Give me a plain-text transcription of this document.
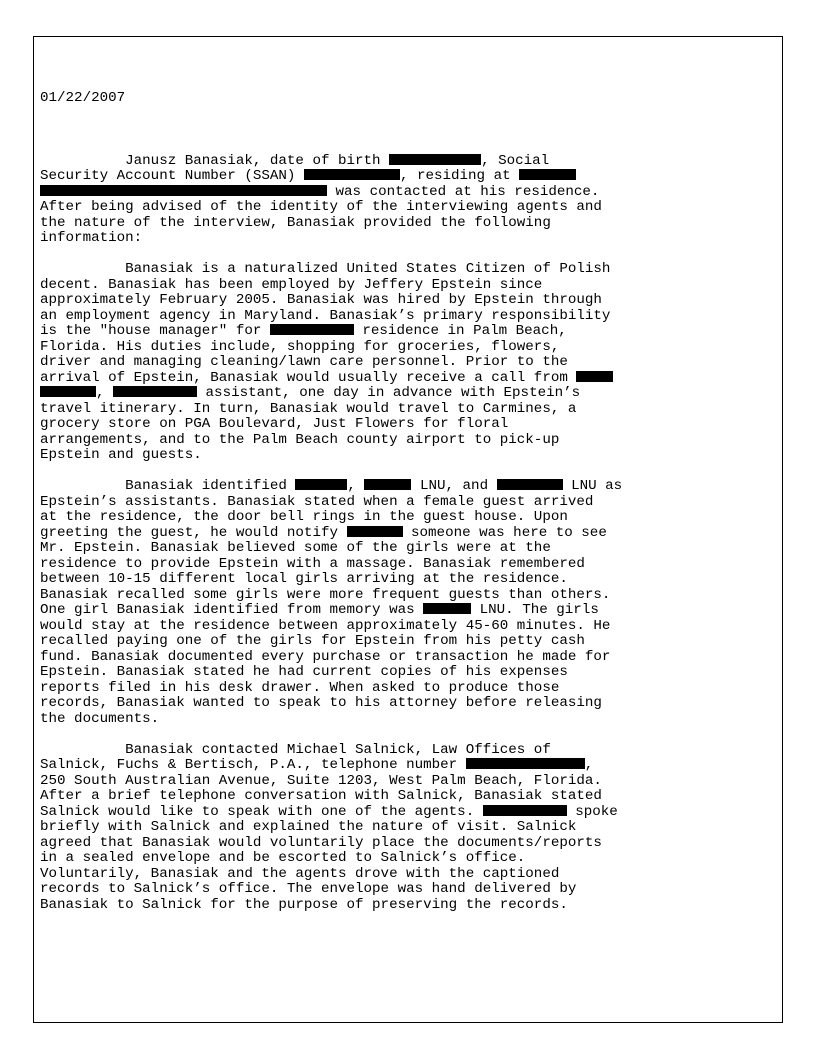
01/22/2007

Janusz Banasiak, date of birth	, Social
Security Account Number (SSAN)	, residing at
was contacted at his residence.
After being advised of the identity of the interviewing agents and
the nature of the interview, Banasiak provided the following
information:
Banasiak is a naturalized United States Citizen of Polish
decent. Banasiak has been employed by Jeffery Epstein since
approximately February 2005. Banasiak was hired by Epstein through
an employment agency in Maryland. Banasiak’s primary responsibility
is the "house manager" for	residence in Palm Beach,
Florida. His duties include, shopping for groceries, flowers,
driver and managing cleaning/lawn care personnel. Prior to the
arrival of Epstein, Banasiak would usually receive a call from
,	assistant, one day in advance with Epstein’s
travel itinerary. In turn, Banasiak would travel to Carmines, a
grocery store on PGA Boulevard, Just Flowers for floral
arrangements, and to the Palm Beach county airport to pick-up
Epstein and guests.
Banasiak identified	,	LNU, and	LNU as
Epstein’s assistants. Banasiak stated when a female guest arrived
at the residence, the door bell rings in the guest house. Upon
greeting the guest, he would notify	someone was here to see
Mr. Epstein. Banasiak believed some of the girls were at the
residence to provide Epstein with a massage. Banasiak remembered
between 10-15 different local girls arriving at the residence.
Banasiak recalled some girls were more frequent guests than others.
One girl Banasiak identified from memory was	LNU. The girls
would stay at the residence between approximately 45-60 minutes. He
recalled paying one of the girls for Epstein from his petty cash
fund. Banasiak documented every purchase or transaction he made for
Epstein. Banasiak stated he had current copies of his expenses
reports filed in his desk drawer. When asked to produce those
records, Banasiak wanted to speak to his attorney before releasing
the documents.
Banasiak contacted Michael Salnick, Law Offices of
Salnick, Fuchs & Bertisch, P.A., telephone number	,
250 South Australian Avenue, Suite 1203, West Palm Beach, Florida.
After a brief telephone conversation with Salnick, Banasiak stated
Salnick would like to speak with one of the agents.	spoke
briefly with Salnick and explained the nature of visit. Salnick
agreed that Banasiak would voluntarily place the documents/reports
in a sealed envelope and be escorted to Salnick’s office.
Voluntarily, Banasiak and the agents drove with the captioned
records to Salnick’s office. The envelope was hand delivered by
Banasiak to Salnick for the purpose of preserving the records.
